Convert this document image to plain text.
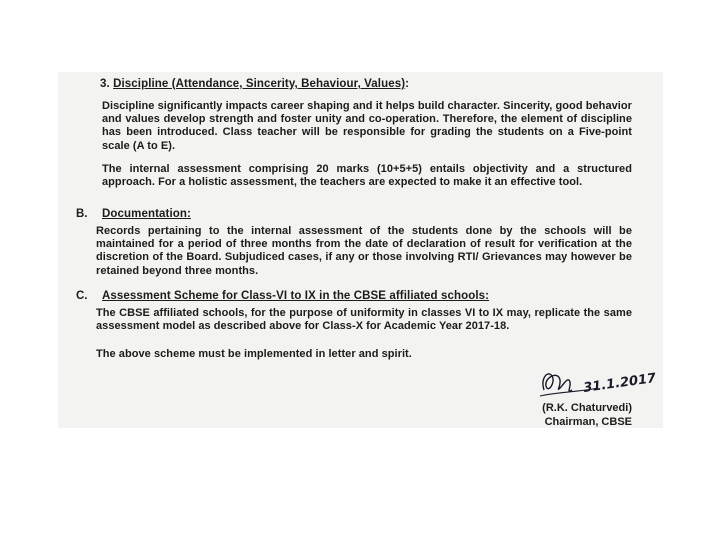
3. Discipline (Attendance, Sincerity, Behaviour, Values):
Discipline significantly impacts career shaping and it helps build character. Sincerity, good behavior and values develop strength and foster unity and co-operation. Therefore, the element of discipline has been introduced. Class teacher will be responsible for grading the students on a Five-point scale (A to E).
The internal assessment comprising 20 marks (10+5+5) entails objectivity and a structured approach. For a holistic assessment, the teachers are expected to make it an effective tool.
B. Documentation:
Records pertaining to the internal assessment of the students done by the schools will be maintained for a period of three months from the date of declaration of result for verification at the discretion of the Board. Subjudiced cases, if any or those involving RTI/ Grievances may however be retained beyond three months.
C. Assessment Scheme for Class-VI to IX in the CBSE affiliated schools:
The CBSE affiliated schools, for the purpose of uniformity in classes VI to IX may, replicate the same assessment model as described above for Class-X for Academic Year 2017-18.
The above scheme must be implemented in letter and spirit.
31.1.2017
(R.K. Chaturvedi)
Chairman, CBSE
